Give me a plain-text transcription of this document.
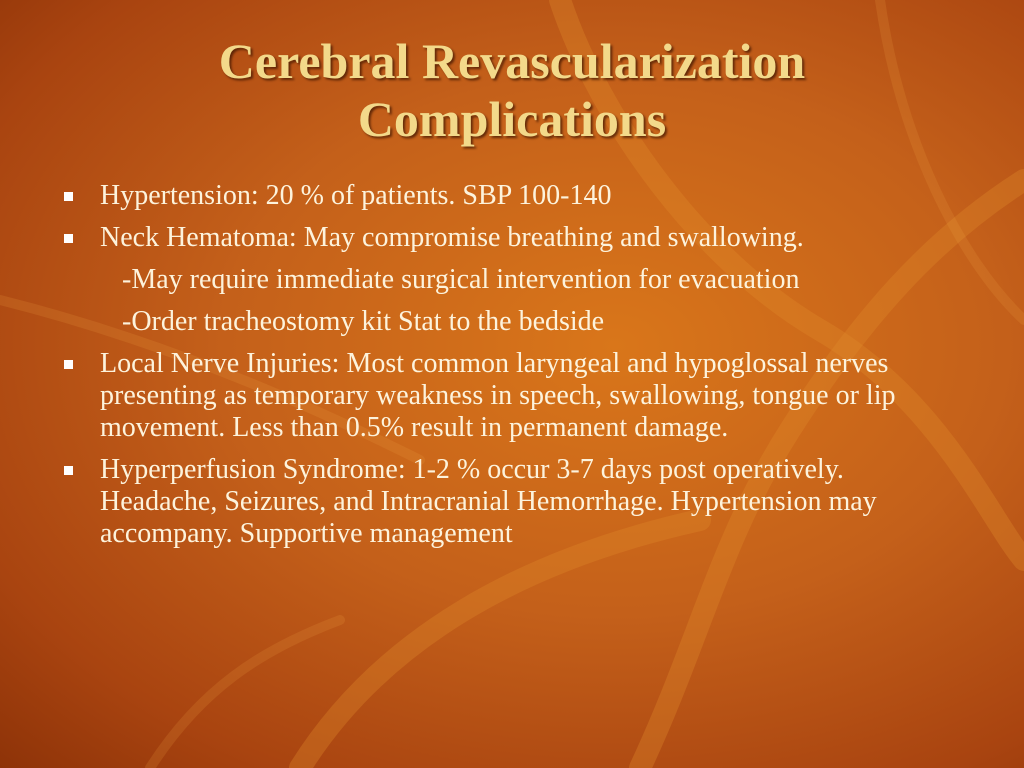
Cerebral Revascularization
Complications
Hypertension: 20 % of patients. SBP 100-140
Neck Hematoma: May compromise breathing and swallowing.
-May require immediate surgical intervention for evacuation
-Order tracheostomy kit Stat to the bedside
Local Nerve Injuries: Most common laryngeal and hypoglossal nerves presenting as temporary weakness in speech, swallowing, tongue or lip movement. Less than 0.5% result in permanent damage.
Hyperperfusion Syndrome: 1-2 % occur 3-7 days post operatively. Headache, Seizures, and Intracranial Hemorrhage. Hypertension may accompany. Supportive management
